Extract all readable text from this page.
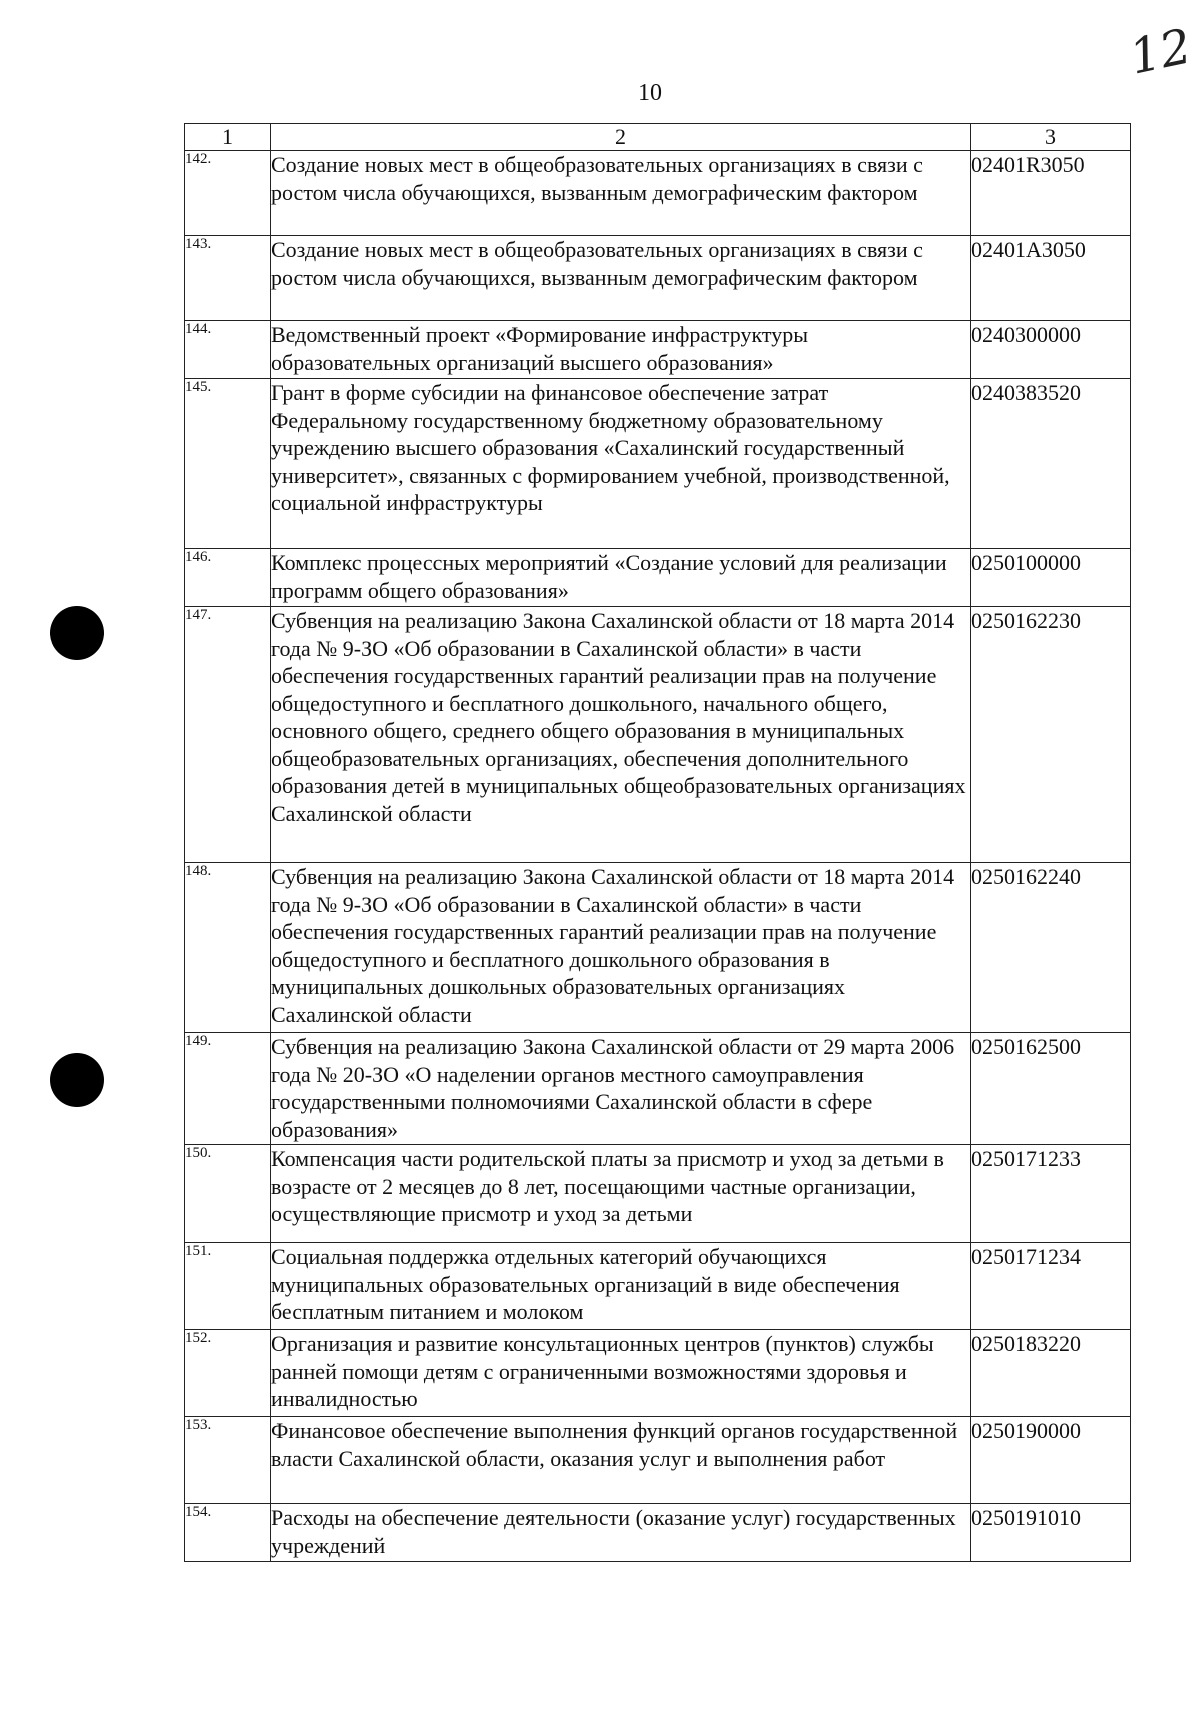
10
12
1	2	3
142.	Создание новых мест в общеобразовательных организациях в связи с ростом числа обучающихся, вызванным демографическим фактором	02401R3050
143.	Создание новых мест в общеобразовательных организациях в связи с ростом числа обучающихся, вызванным демографическим фактором	02401A3050
144.	Ведомственный проект «Формирование инфраструктуры образовательных организаций высшего образования»	0240300000
145.	Грант в форме субсидии на финансовое обеспечение затрат Федеральному государственному бюджетному образовательному учреждению высшего образования «Сахалинский государственный университет», связанных с формированием учебной, производственной, социальной инфраструктуры	0240383520
146.	Комплекс процессных мероприятий «Создание условий для реализации программ общего образования»	0250100000
147.	Субвенция на реализацию Закона Сахалинской области от 18 марта 2014 года № 9-ЗО «Об образовании в Сахалинской области» в части обеспечения государственных гарантий реализации прав на получение общедоступного и бесплатного дошкольного, начального общего, основного общего, среднего общего образования в муниципальных общеобразовательных организациях, обеспечения дополнительного образования детей в муниципальных общеобразовательных организациях Сахалинской области	0250162230
148.	Субвенция на реализацию Закона Сахалинской области от 18 марта 2014 года № 9-ЗО «Об образовании в Сахалинской области» в части обеспечения государственных гарантий реализации прав на получение общедоступного и бесплатного дошкольного образования в муниципальных дошкольных образовательных организациях Сахалинской области	0250162240
149.	Субвенция на реализацию Закона Сахалинской области от 29 марта 2006 года № 20-ЗО «О наделении органов местного самоуправления государственными полномочиями Сахалинской области в сфере образования»	0250162500
150.	Компенсация части родительской платы за присмотр и уход за детьми в возрасте от 2 месяцев до 8 лет, посещающими частные организации, осуществляющие присмотр и уход за детьми	0250171233
151.	Социальная поддержка отдельных категорий обучающихся муниципальных образовательных организаций в виде обеспечения бесплатным питанием и молоком	0250171234
152.	Организация и развитие консультационных центров (пунктов) службы ранней помощи детям с ограниченными возможностями здоровья и инвалидностью	0250183220
153.	Финансовое обеспечение выполнения функций органов государственной власти Сахалинской области, оказания услуг и выполнения работ	0250190000
154.	Расходы на обеспечение деятельности (оказание услуг) государственных учреждений	0250191010
